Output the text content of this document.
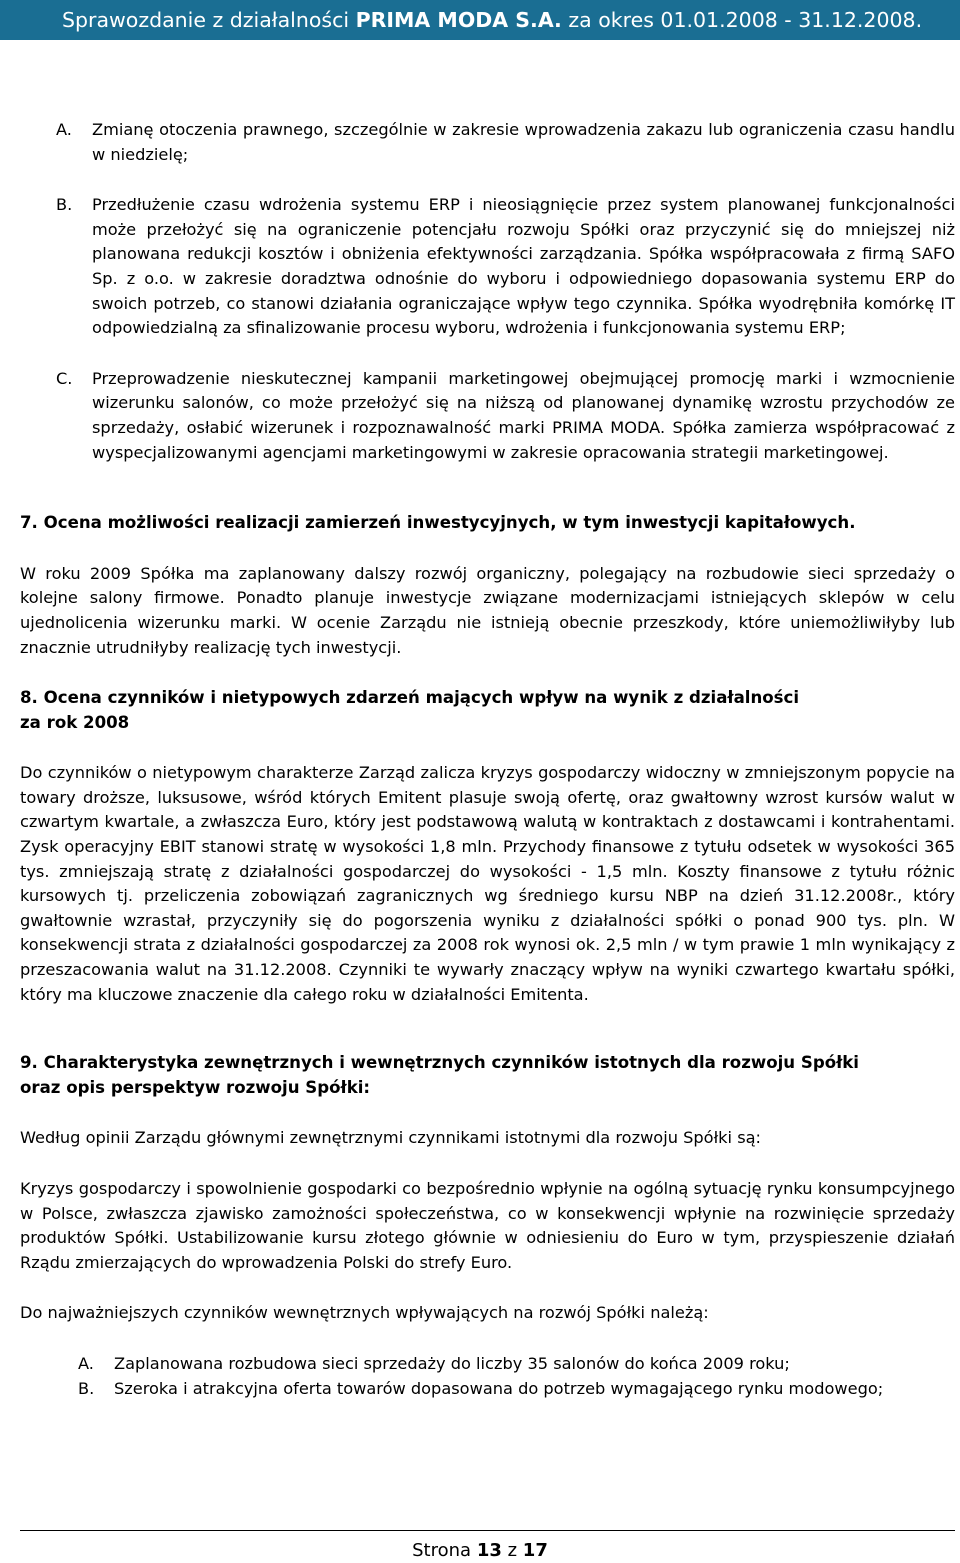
Sprawozdanie z działalności PRIMA MODA S.A. za okres 01.01.2008 - 31.12.2008.
A. Zmianę otoczenia prawnego, szczególnie w zakresie wprowadzenia zakazu lub ograniczenia czasu handlu w niedzielę;

B. Przedłużenie czasu wdrożenia systemu ERP i nieosiągnięcie przez system planowanej funkcjonalności może przełożyć się na ograniczenie potencjału rozwoju Spółki oraz przyczynić się do mniejszej niż planowana redukcji kosztów i obniżenia efektywności zarządzania. Spółka współpracowała z firmą SAFO Sp. z o.o. w zakresie doradztwa odnośnie do wyboru i odpowiedniego dopasowania systemu ERP do swoich potrzeb, co stanowi działania ograniczające wpływ tego czynnika. Spółka wyodrębniła komórkę IT odpowiedzialną za sfinalizowanie procesu wyboru, wdrożenia i funkcjonowania systemu ERP;

C. Przeprowadzenie nieskutecznej kampanii marketingowej obejmującej promocję marki i wzmocnienie wizerunku salonów, co może przełożyć się na niższą od planowanej dynamikę wzrostu przychodów ze sprzedaży, osłabić wizerunek i rozpoznawalność marki PRIMA MODA. Spółka zamierza współpracować z wyspecjalizowanymi agencjami marketingowymi w zakresie opracowania strategii marketingowej.

7. Ocena możliwości realizacji zamierzeń inwestycyjnych, w tym inwestycji kapitałowych.

W roku 2009 Spółka ma zaplanowany dalszy rozwój organiczny, polegający na rozbudowie sieci sprzedaży o kolejne salony firmowe. Ponadto planuje inwestycje związane modernizacjami istniejących sklepów w celu ujednolicenia wizerunku marki. W ocenie Zarządu nie istnieją obecnie przeszkody, które uniemożliwiłyby lub znacznie utrudniłyby realizację tych inwestycji.

8. Ocena czynników i nietypowych zdarzeń mających wpływ na wynik z działalności

za rok 2008

Do czynników o nietypowym charakterze Zarząd zalicza kryzys gospodarczy widoczny w zmniejszonym popycie na towary droższe, luksusowe, wśród których Emitent plasuje swoją ofertę, oraz gwałtowny wzrost kursów walut w czwartym kwartale, a zwłaszcza Euro, który jest podstawową walutą w kontraktach z dostawcami i kontrahentami. Zysk operacyjny EBIT stanowi stratę w wysokości 1,8 mln. Przychody finansowe z tytułu odsetek w wysokości 365 tys. zmniejszają stratę z działalności gospodarczej do wysokości - 1,5 mln. Koszty finansowe z tytułu różnic kursowych tj. przeliczenia zobowiązań zagranicznych wg średniego kursu NBP na dzień 31.12.2008r., który gwałtownie wzrastał, przyczyniły się do pogorszenia wyniku z działalności spółki o ponad 900 tys. pln. W konsekwencji strata z działalności gospodarczej za 2008 rok wynosi ok. 2,5 mln / w tym prawie 1 mln wynikający z przeszacowania walut na 31.12.2008. Czynniki te wywarły znaczący wpływ na wyniki czwartego kwartału spółki, który ma kluczowe znaczenie dla całego roku w działalności Emitenta.

9. Charakterystyka zewnętrznych i wewnętrznych czynników istotnych dla rozwoju Spółki

oraz opis perspektyw rozwoju Spółki:

Według opinii Zarządu głównymi zewnętrznymi czynnikami istotnymi dla rozwoju Spółki są:

Kryzys gospodarczy i spowolnienie gospodarki co bezpośrednio wpłynie na ogólną sytuację rynku konsumpcyjnego w Polsce, zwłaszcza zjawisko zamożności społeczeństwa, co w konsekwencji wpłynie na rozwinięcie sprzedaży produktów Spółki. Ustabilizowanie kursu złotego głównie w odniesieniu do Euro w tym, przyspieszenie działań Rządu zmierzających do wprowadzenia Polski do strefy Euro.

Do najważniejszych czynników wewnętrznych wpływających na rozwój Spółki należą:

A. Zaplanowana rozbudowa sieci sprzedaży do liczby 35 salonów do końca 2009 roku;

B. Szeroka i atrakcyjna oferta towarów dopasowana do potrzeb wymagającego rynku modowego;

Strona 13 z 17
